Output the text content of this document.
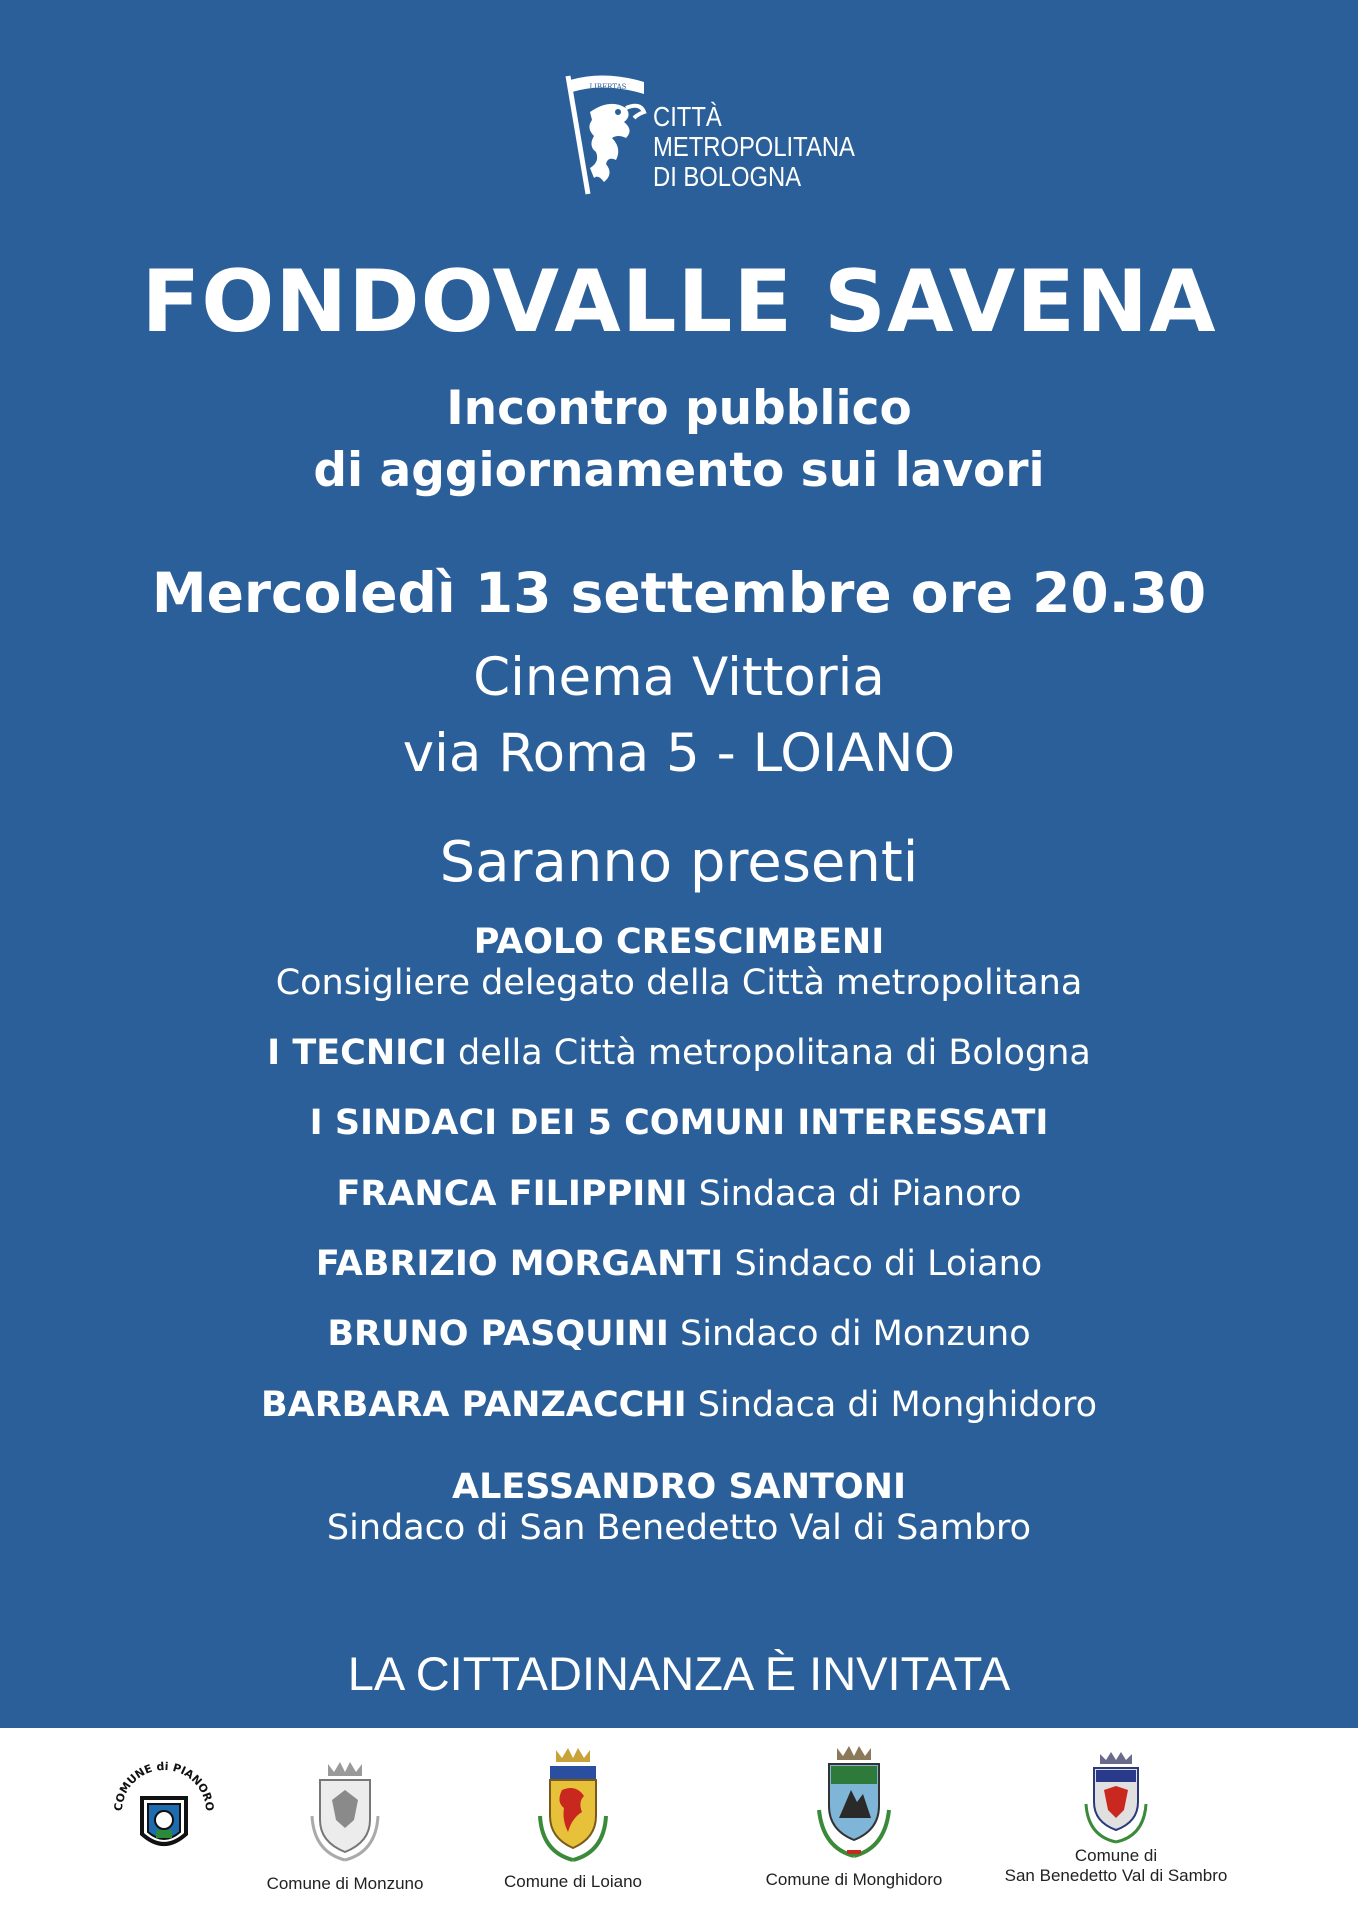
LIBERTAS
CITTÀ
METROPOLITANA
DI BOLOGNA
FONDOVALLE SAVENA
Incontro pubblico
di aggiornamento sui lavori
Mercoledì 13 settembre ore 20.30
Cinema Vittoria
via Roma 5 - LOIANO
Saranno presenti
PAOLO CRESCIMBENI
Consigliere delegato della Città metropolitana
I TECNICI della Città metropolitana di Bologna
I SINDACI DEI 5 COMUNI INTERESSATI
FRANCA FILIPPINI Sindaca di Pianoro
FABRIZIO MORGANTI Sindaco di Loiano
BRUNO PASQUINI Sindaco di Monzuno
BARBARA PANZACCHI Sindaca di Monghidoro
ALESSANDRO SANTONI
Sindaco di San Benedetto Val di Sambro
LA CITTADINANZA È INVITATA
COMUNE di PIANORO
Comune di Monzuno	Comune di Loiano	Comune di Monghidoro
Comune di
San Benedetto Val di Sambro
